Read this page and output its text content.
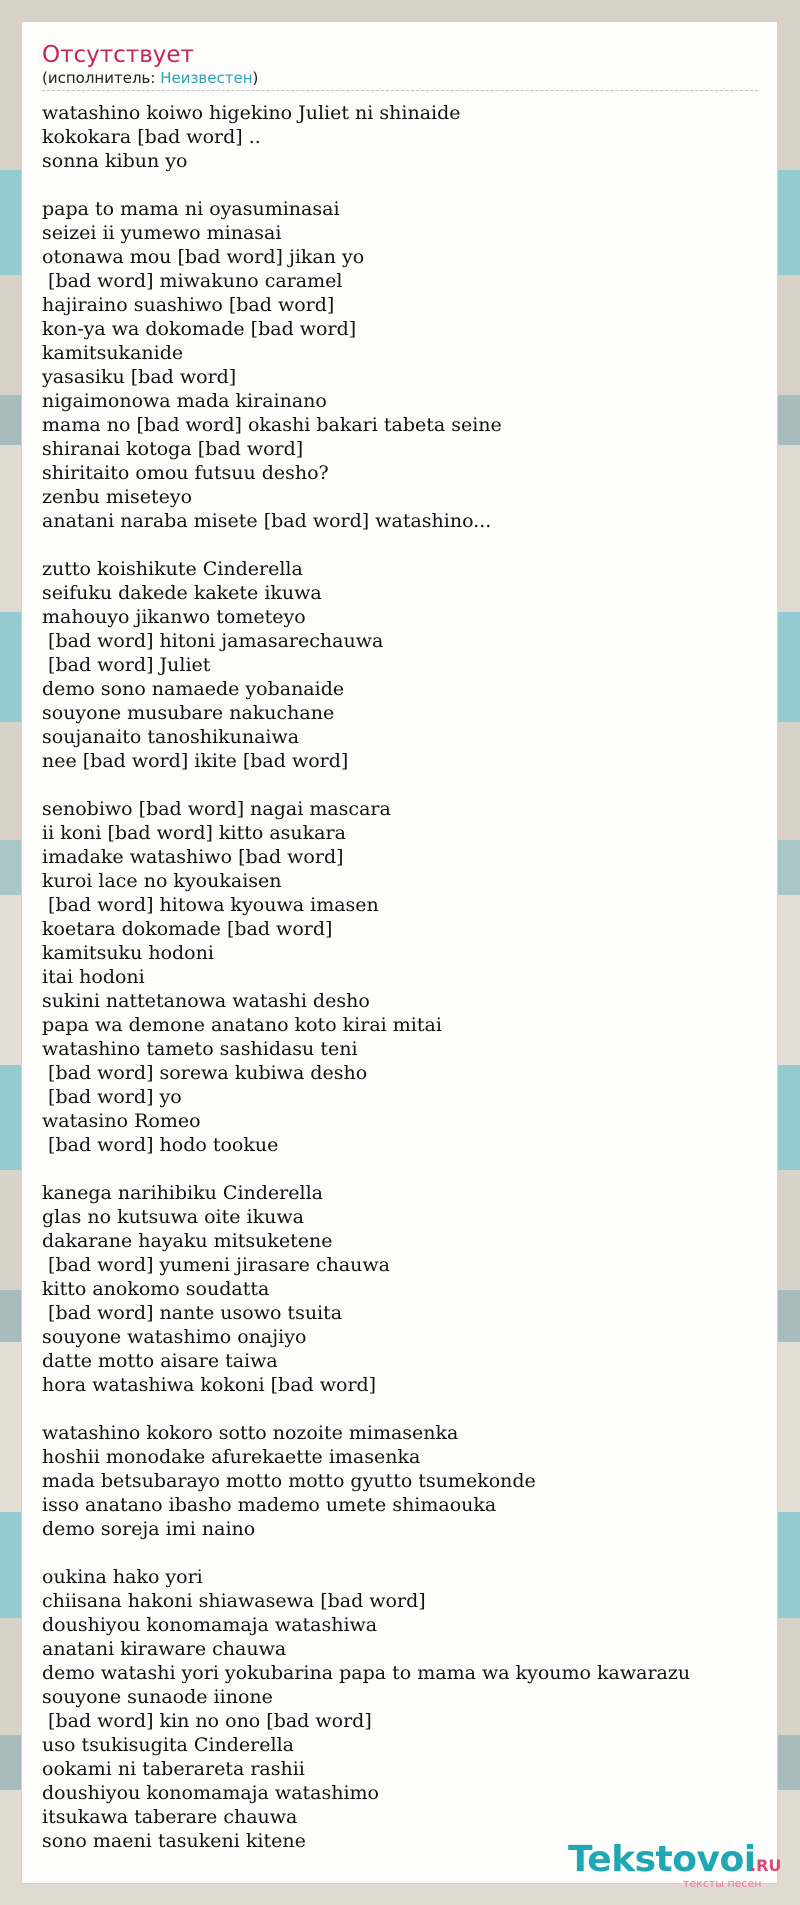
Отсутствует
(исполнитель: Неизвестен)
watashino koiwo higekino Juliet ni shinaide
kokokara [bad word] ..
sonna kibun yo
papa to mama ni oyasuminasai
seizei ii yumewo minasai
otonawa mou [bad word] jikan yo
[bad word] miwakuno caramel
hajiraino suashiwo [bad word]
kon-ya wa dokomade [bad word]
kamitsukanide
yasasiku [bad word]
nigaimonowa mada kirainano
mama no [bad word] okashi bakari tabeta seine
shiranai kotoga [bad word]
shiritaito omou futsuu desho?
zenbu miseteyo
anatani naraba misete [bad word] watashino...
zutto koishikute Cinderella
seifuku dakede kakete ikuwa
mahouyo jikanwo tometeyo
[bad word] hitoni jamasarechauwa
[bad word] Juliet
demo sono namaede yobanaide
souyone musubare nakuchane
soujanaito tanoshikunaiwa
nee [bad word] ikite [bad word]
senobiwo [bad word] nagai mascara
ii koni [bad word] kitto asukara
imadake watashiwo [bad word]
kuroi lace no kyoukaisen
[bad word] hitowa kyouwa imasen
koetara dokomade [bad word]
kamitsuku hodoni
itai hodoni
sukini nattetanowa watashi desho
papa wa demone anatano koto kirai mitai
watashino tameto sashidasu teni
[bad word] sorewa kubiwa desho
[bad word] yo
watasino Romeo
[bad word] hodo tookue
kanega narihibiku Cinderella
glas no kutsuwa oite ikuwa
dakarane hayaku mitsuketene
[bad word] yumeni jirasare chauwa
kitto anokomo soudatta
[bad word] nante usowo tsuita
souyone watashimo onajiyo
datte motto aisare taiwa
hora watashiwa kokoni [bad word]
watashino kokoro sotto nozoite mimasenka
hoshii monodake afurekaette imasenka
mada betsubarayo motto motto gyutto tsumekonde
isso anatano ibasho mademo umete shimaouka
demo soreja imi naino
oukina hako yori
chiisana hakoni shiawasewa [bad word]
doushiyou konomamaja watashiwa
anatani kiraware chauwa
demo watashi yori yokubarina papa to mama wa kyoumo kawarazu
souyone sunaode iinone
[bad word] kin no ono [bad word]
uso tsukisugita Cinderella
ookami ni taberareta rashii
doushiyou konomamaja watashimo
itsukawa taberare chauwa
sono maeni tasukeni kitene	Tekstovoi
.RU
тексты песен
